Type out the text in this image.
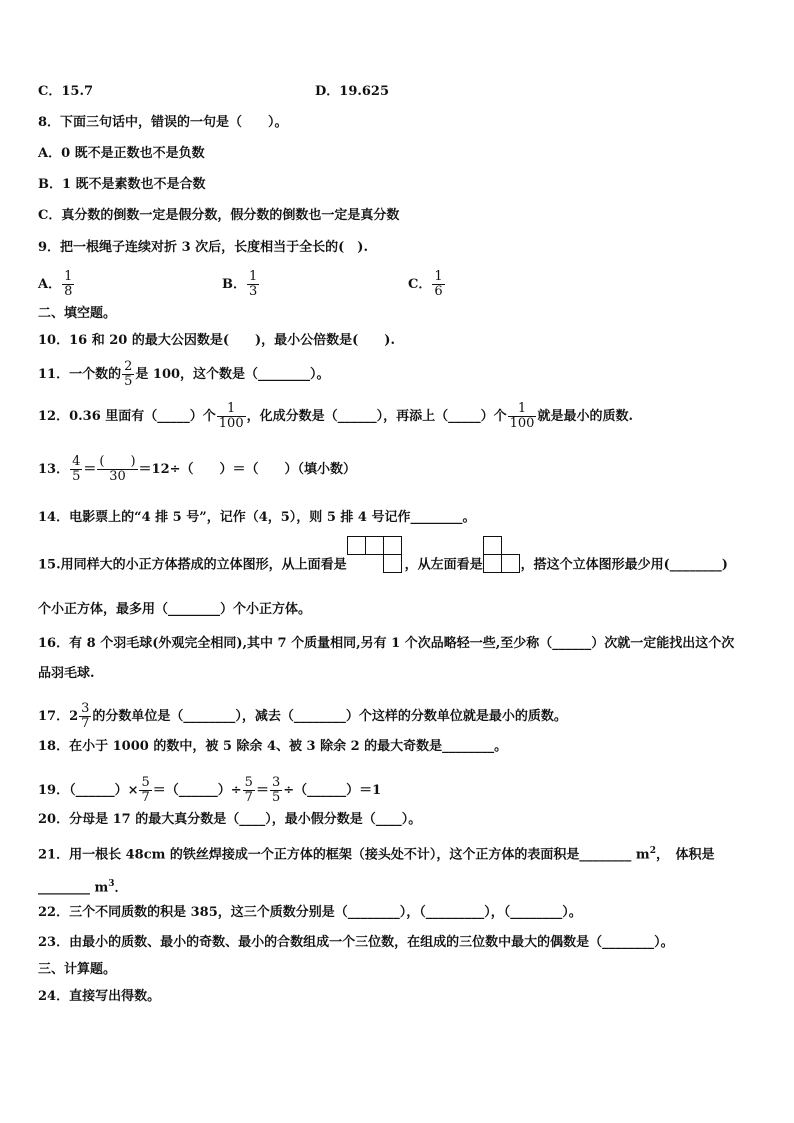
C．15.7	D．19.625
8．下面三句话中，错误的一句是（　　）。
A．0 既不是正数也不是负数
B．1 既不是素数也不是合数
C．真分数的倒数一定是假分数，假分数的倒数也一定是真分数
9．把一根绳子连续对折 3 次后，长度相当于全长的(　).
A． $\frac{1}{8}$	B． $\frac{1}{3}$	C． $\frac{1}{6}$
二、填空题。
10．16 和 20 的最大公因数是(　　)，最小公倍数是(　　).
11．一个数的 $\frac{2}{5}$ 是 100，这个数是（________）。
12．0.36 里面有（_____）个 $\frac{1}{100}$ ，化成分数是（______），再添上（_____）个 $\frac{1}{100}$ 就是最小的质数.
13． $\frac{4}{5}$ ＝
(　　)
30 ＝12÷（　　）＝（　　）（填小数）
14．电影票上的“4 排 5 号”，记作（4，5），则 5 排 4 号记作________。
15.用同样大的小正方体搭成的立体图形，从上面看是	，从左面看是	，搭这个立体图形最少用(________)
个小正方体，最多用（________）个小正方体。
16．有 8 个羽毛球(外观完全相同),其中 7 个质量相同,另有 1 个次品略轻一些,至少称（______）次就一定能找出这个次
品羽毛球.
17．$2 \frac{3}{7}$ 的分数单位是（________），减去（________）个这样的分数单位就是最小的质数。
18．在小于 1000 的数中，被 5 除余 4、被 3 除余 2 的最大奇数是________。
19．（______）× $\frac{5}{7}$ ＝（______）÷ $\frac{5}{7} = \frac{3}{5}$ ÷（______）＝1
20．分母是 17 的最大真分数是（____），最小假分数是（____）。
21．用一根长 48cm 的铁丝焊接成一个正方体的框架（接头处不计），这个正方体的表面积是________ $m^2$，　体积是
________ $m^3$．
22．三个不同质数的积是 385，这三个质数分别是（________），（_________），（________）。
23．由最小的质数、最小的奇数、最小的合数组成一个三位数，在组成的三位数中最大的偶数是（________）。
三、计算题。
24．直接写出得数。
